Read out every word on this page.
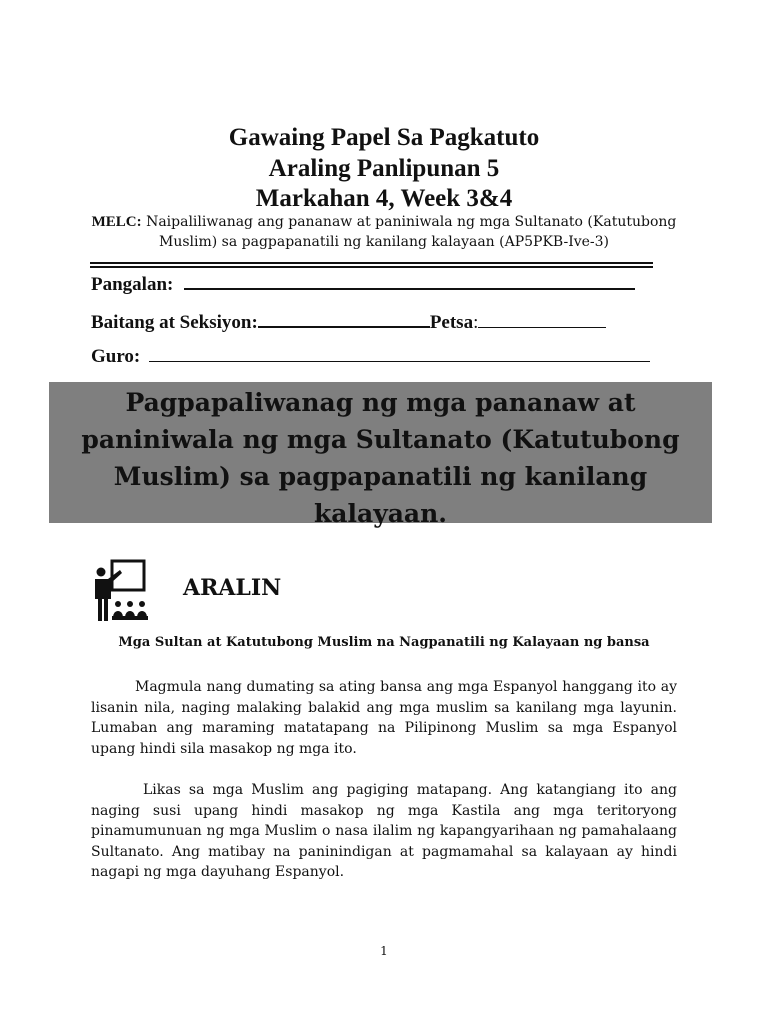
Gawaing Papel Sa Pagkatuto
Araling Panlipunan 5
Markahan 4, Week 3&4
MELC: Naipaliliwanag ang pananaw at paniniwala ng mga Sultanato (Katutubong Muslim) sa pagpapanatili ng kanilang kalayaan (AP5PKB-Ive-3)
Pangalan:
Baitang at Seksiyon:	Petsa:
Guro:
Pagpapaliwanag ng mga pananaw at paniniwala ng mga Sultanato (Katutubong Muslim) sa pagpapanatili ng kanilang kalayaan.
ARALIN
Mga Sultan at Katutubong Muslim na Nagpanatili ng Kalayaan ng bansa
Magmula nang dumating sa ating bansa ang mga Espanyol hanggang ito ay lisanin nila, naging malaking balakid ang mga muslim sa kanilang mga layunin. Lumaban ang maraming matatapang na Pilipinong Muslim sa mga Espanyol upang hindi sila masakop ng mga ito.
Likas sa mga Muslim ang pagiging matapang. Ang katangiang ito ang naging susi upang hindi masakop ng mga Kastila ang mga teritoryong pinamumunuan ng mga Muslim o nasa ilalim ng kapangyarihaan ng pamahalaang Sultanato. Ang matibay na paninindigan at pagmamahal sa kalayaan ay hindi nagapi ng mga dayuhang Espanyol.
1
